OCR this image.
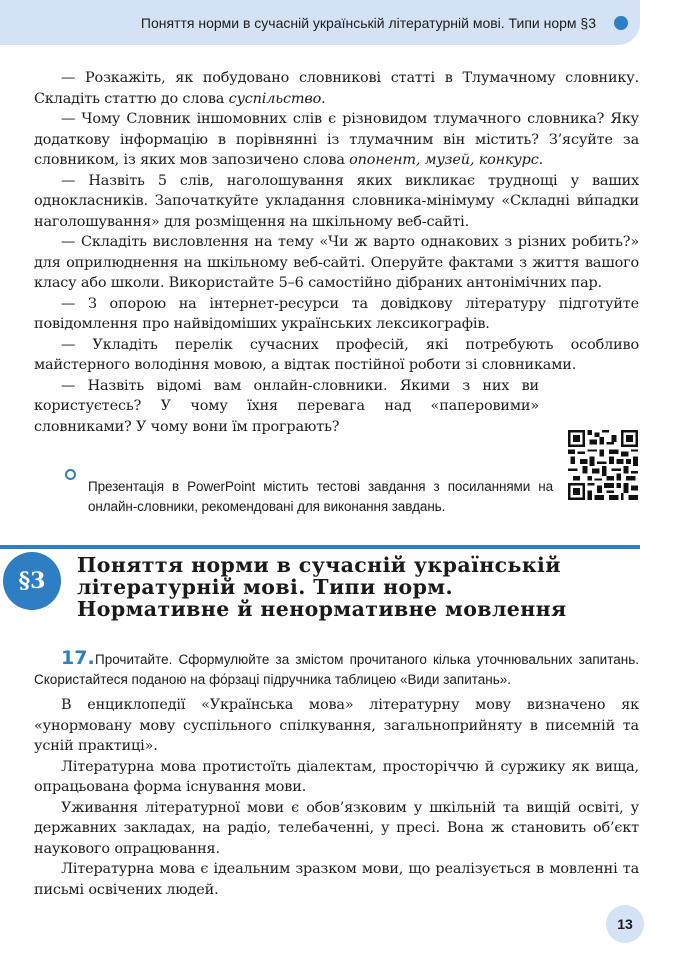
Поняття норми в сучасній українській літературній мові. Типи норм §3

— Розкажіть, як побудовано словникові статті в Тлумачному словнику. Складіть статтю до слова суспільство.

— Чому Словник іншомовних слів є різновидом тлумачного словника? Яку додаткову інформацію в порівнянні із тлумачним він містить? З’ясуйте за словником, із яких мов запозичено слова опонент, музей, конкурс.

— Назвіть 5 слів, наголошування яких викликає труднощі у ваших однокласників. Започаткуйте укладання словника-мінімуму «Складні ви́падки наголошування» для розміщення на шкільному веб-сайті.

— Складіть висловлення на тему «Чи ж варто однакових з різних робить?» для оприлюднення на шкільному веб-сайті. Оперуйте фактами з життя вашого класу або школи. Використайте 5–6 самостійно дібраних антонімічних пар.

— З опорою на інтернет-ресурси та довідкову літературу підготуйте повідомлення про найвідоміших українських лексикографів.

— Укладіть перелік сучасних професій, які потребують особливо майстерного володіння мовою, а відтак постійної роботи зі словниками.

— Назвіть відомі вам онлайн-словники. Якими з них ви користуєтесь? У чому їхня перевага над «паперовими» словниками? У чому вони їм програють?

Презентація в PowerPoint містить тестові завдання з посиланнями на онлайн-словники, рекомендовані для виконання завдань.

§3
Поняття норми в сучасній українській
літературній мові. Типи норм.
Нормативне й ненормативне мовлення
17. Прочитайте. Сформулюйте за змістом прочитаного кілька уточнювальних запитань. Скористайтеся поданою на фо́рзаці підручника таблицею «Види запитань».

В енциклопедії «Українська мова» літературну мову визначено як «унормовану мову суспільного спілкування, загальноприйняту в писемній та усній практиці».

Літературна мова протистоїть діалектам, просторіччю й суржику як вища, опрацьована форма існування мови.

Уживання літературної мови є обов’язковим у шкільній та вищій освіті, у державних закладах, на радіо, телебаченні, у пресі. Вона ж становить об’єкт наукового опрацювання.

Літературна мова є ідеальним зразком мови, що реалізується в мовленні та письмі освічених людей.

13
